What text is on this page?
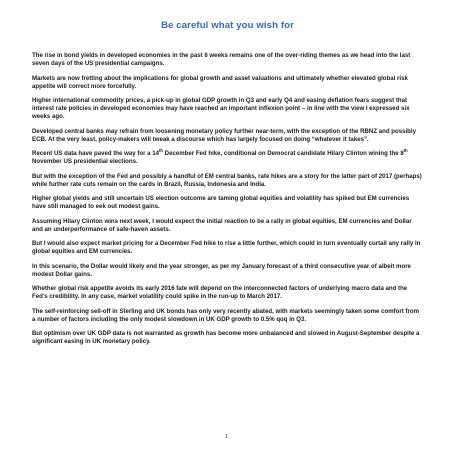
Be careful what you wish for

The rise in bond yields in developed economies in the past 6 weeks remains one of the over-riding themes as we head into the last seven days of the US presidential campaigns.

Markets are now fretting about the implications for global growth and asset valuations and ultimately whether elevated global risk appetite will correct more forcefully.

Higher international commodity prices, a pick-up in global GDP growth in Q3 and early Q4 and easing deflation fears suggest that interest rate policies in developed economies may have reached an important inflexion point – in line with the view I expressed six weeks ago.

Developed central banks may refrain from loosening monetary policy further near-term, with the exception of the RBNZ and possibly ECB. At the very least, policy-makers will tweak a discourse which has largely focused on doing “whatever it takes”.

Recent US data have paved the way for a 14th December Fed hike, conditional on Democrat candidate Hilary Clinton wining the 8th November US presidential elections.

But with the exception of the Fed and possibly a handful of EM central banks, rate hikes are a story for the latter part of 2017 (perhaps) while further rate cuts remain on the cards in Brazil, Russia, Indonesia and India.

Higher global yields and still uncertain US election outcome are taming global equities and volatility has spiked but EM currencies have still managed to eek out modest gains.

Assuming Hilary Clinton wins next week, I would expect the initial reaction to be a rally in global equities, EM currencies and Dollar and an underperformance of safe-haven assets.

But I would also expect market pricing for a December Fed hike to rise a little further, which could in turn eventually curtail any rally in global equities and EM currencies.

In this scenario, the Dollar would likely end the year stronger, as per my January forecast of a third consecutive year of albeit more modest Dollar gains.

Whether global risk appetite avoids its early 2016 fate will depend on the interconnected factors of underlying macro data and the Fed’s credibility. In any case, market volatility could spike in the run-up to March 2017.

The self-reinforcing sell-off in Sterling and UK bonds has only very recently abated, with markets seemingly taken some comfort from a number of factors including the only modest slowdown in UK GDP growth to 0.5% qoq in Q3.

But optimism over UK GDP data is not warranted as growth has become more unbalanced and slowed in August-September despite a significant easing in UK monetary policy.

1
